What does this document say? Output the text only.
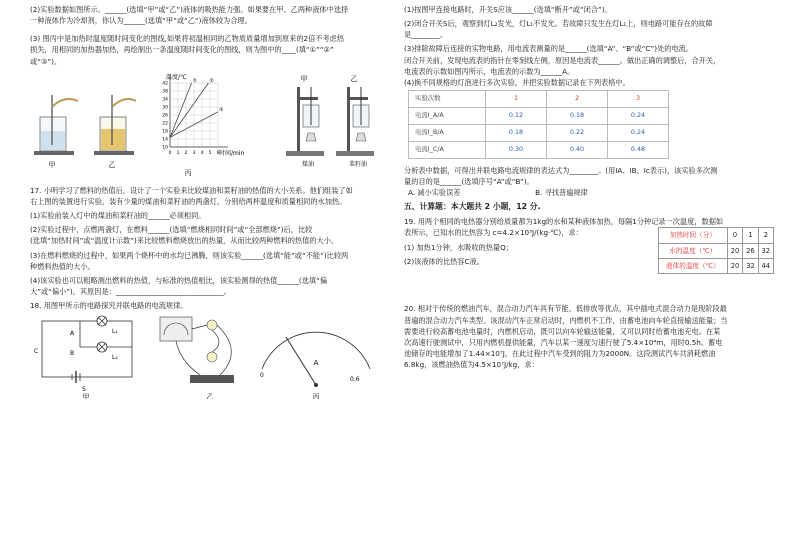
(2)实验数据如图所示。______(选填“甲”或“乙”)液体的吸热能力强。如果要在甲、乙两种液体中选择

一种液体作为冷却剂，你认为______(选填“甲”或“乙”)液体较为合理。

(3) 图丙中是加热时温度随时间变化的图线,如果将初温相同的乙物质质量增加到原来的2倍不考虑热

损失，用相同的加热器加热，再绘制出一条温度随时间变化的图线，则为图中的____(填“①”“②”

或“③”)。

甲	乙
0 1 2 3 4 5 6
42
38
34
30
26
22
18
14
10
① ②
③
温度/℃
时间/min
丙
甲	乙
煤油	菜籽油

17. 小明学习了燃料的热值后，设计了一个实验来比较煤油和菜籽油的热值的大小关系。他们组装了如

右上图的装置进行实验，装有少量的煤油和菜籽油的两盏灯，分别给两杯温度和质量相同的水加热。

(1)实验前装入灯中的煤油和菜籽油的______必须相同。

(2)实验过程中，点燃两盏灯，在燃料______(选填“燃烧相同时间”或“全部燃烧”)后，比较

(选填“加热时间”或“温度计示数”)来比较燃料燃烧放出的热量，从而比较两种燃料的热值的大小。

(3)在燃料燃烧的过程中，如果两个烧杯中的水均已沸腾，则该实验______(选填“能”或“不能”)比较两

种燃料热值的大小。

(4)该实验也可以粗略测出燃料的热值，与标准的热值相比，该实验测得的热值______(选填“偏

大”或“偏小”)，其原因是：______________________________。

18. 用图甲所示的电路探究并联电路的电流规律。

A
B
C
L₁
L₂
S
甲	乙
A
0
0.6
丙

(1)按图甲连接电路时，开关S应该______(选填“断开”或“闭合”)。

(2)闭合开关S后，观察到灯L₂发光，灯L₁不发光。若故障只发生在灯L₁上，则电路可能存在的故障

是________。

(3)排除故障后连接的实物电路，用电流表测量的是______(选填“A”、“B”或“C”)处的电流。

闭合开关前，发现电流表的指针在零刻线左侧，原因是电流表______。做出正确的调整后，合开关，

电流表的示数如图丙所示，电流表的示数为______A。

(4)换不同规格的灯泡进行多次实验，并把实验数据记录在下列表格中。

实验次数	1	2	3
电流I_A/A	0.12	0.18	0.24
电流I_B/A	0.18	0.22	0.24
电流I_C/A	0.30	0.40	0.48

分析表中数据，可得出并联电路电流规律的表达式为________。(用IA、IB、Ic表示)，该实验多次测

量的目的是______(选填序号“A”或“B”)。

A. 减小实验误差	B. 寻找普遍规律

五、计算题：本大题共 2 小题，12 分.

19. 用两个相同的电热器分别给质量都为1kg的水和某种液体加热，每隔1分钟记录一次温度，数据如

表所示，已知水的比热容为 c=4.2×10³J/(kg·℃)，求：

(1) 加热1分钟，水吸收的热量Q；

(2)该液体的比热容C液。

加热时间（分）	0	1	2
水的温度（℃）	20	26	32
液体的温度（℃）	20	32	44

20. 相对于传统的燃油汽车，混合动力汽车具有节能、低排放等优点，其中插电式混合动力是现阶段最

普遍的混合动力汽车类型。该混动汽车正常启动时，内燃机不工作，由蓄电池向车轮直接输送能量；当

需要进行较高蓄电池电量时，内燃机启动，既可以向车轮输送能量，又可以同时给蓄电池充电。在某

次高速行驶测试中，只用内燃机提供能量，汽车以某一速度匀速行驶了5.4×10⁴m，用时0.5h。蓄电

池储存的电能增加了1.44×10⁷J，在此过程中汽车受到的阻力为2000N。这段测试汽车共消耗燃油

6.8kg，该燃油热值为4.5×10⁷J/kg，求：
